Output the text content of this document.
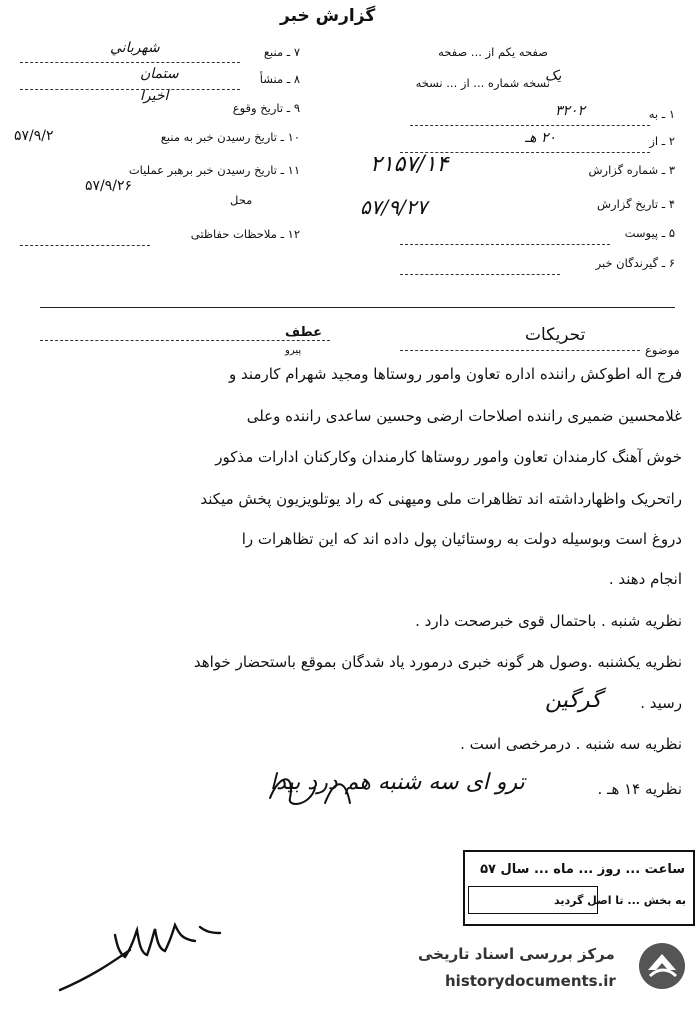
گزارش خبر
۷ ـ منبع
شهرباني
۸ ـ منشأ
ستمان
۹ ـ تاریخ وقوع
اخیرا
۱۰ ـ تاریخ رسیدن خبر به منبع
۵۷/۹/۲
۱۱ ـ تاریخ رسیدن خبر برهبر عملیات
۵۷/۹/۲۶
محل
۱۲ ـ ملاحظات حفاظتی
صفحه یکم از ... صفحه
نسخه شماره ... از ... نسخه
یک
۱ ـ به
۳۲۰۲
۲ ـ از
۲۰ هـ
۳ ـ شماره گزارش
۲۱۵۷/۱۴
۴ ـ تاریخ گزارش
۵۷/۹/۲۷
۵ ـ پیوست
۶ ـ گیرندگان خبر
موضوع
تحریکات
عطف
پیرو
فرج اله اطوکش راننده اداره تعاون وامور روستاها وم‍جید شهرام کارمند و
غلامحسین ضمیری راننده اصلاحات ارضی وحسین ساعدی راننده وعلی
خوش آهنگ کارمندان تعاون وامور روستاها کارمندان وکارکنان ادارات مذکور
راتحریک واظهارداشته اند تظاهرات ملی ومیهنی که راد یوتلویزیون پخش میکند
دروغ است وبوسیله دولت به روستائیان پول داده اند که این تظاهرات را
انجام دهند .
نظریه شنبه . باحتمال قوی خبرصحت دارد .
نظریه یکشنبه .وصول هر گونه خبری درمورد یاد شدگان بموقع باستحضار خواهد
رسید .
گرگین
نظریه سه شنبه . درمرخصی است .
نظریه ۱۴ هـ .
ترو ای سه شنبه هم درد بیدا
ساعت ... روز ... ماه ... سال ۵۷
به بخش ... تا اصل گردید
مرکز بررسی اسناد تاریخی
historydocuments.ir
